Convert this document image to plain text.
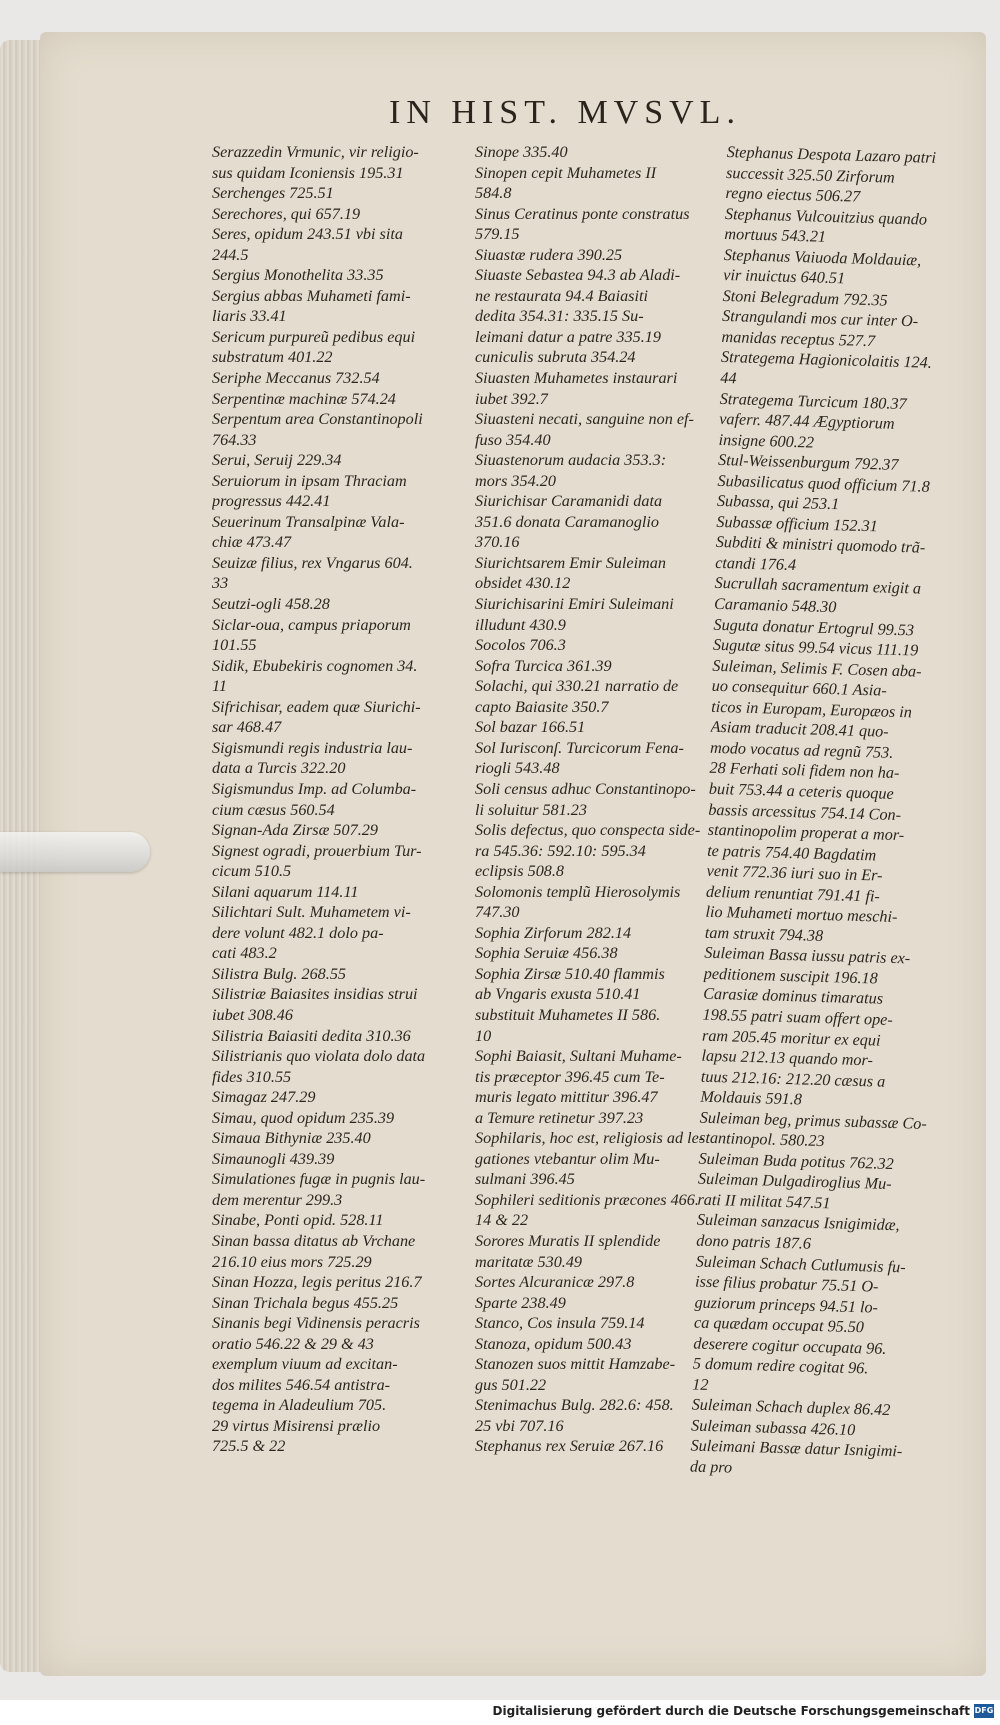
IN HIST. MVSVL.
Serazzedin Vrmunic, vir religio-
sus quidam Iconiensis 195.31
Serchenges 725.51
Serechores, qui 657.19
Seres, opidum 243.51 vbi sita
244.5
Sergius Monothelita 33.35
Sergius abbas Muhameti fami-
liaris 33.41
Sericum purpureũ pedibus equi
substratum 401.22
Seriphe Meccanus 732.54
Serpentinæ machinæ 574.24
Serpentum area Constantinopoli
764.33
Serui, Seruij 229.34
Seruiorum in ipsam Thraciam
progressus 442.41
Seuerinum Transalpinæ Vala-
chiæ 473.47
Seuizæ filius, rex Vngarus 604.
33
Seutzi-ogli 458.28
Siclar-oua, campus priaporum
101.55
Sidik, Ebubekiris cognomen 34.
11
Sifrichisar, eadem quæ Siurichi-
sar 468.47
Sigismundi regis industria lau-
data a Turcis 322.20
Sigismundus Imp. ad Columba-
cium cæsus 560.54
Signan-Ada Zirsæ 507.29
Signest ogradi, prouerbium Tur-
cicum 510.5
Silani aquarum 114.11
Silichtari Sult. Muhametem vi-
dere volunt 482.1 dolo pa-
cati 483.2
Silistra Bulg. 268.55
Silistriæ Baiasites insidias strui
iubet 308.46
Silistria Baiasiti dedita 310.36
Silistrianis quo violata dolo data
fides 310.55
Simagaz 247.29
Simau, quod opidum 235.39
Simaua Bithyniæ 235.40
Simaunogli 439.39
Simulationes fugæ in pugnis lau-
dem merentur 299.3
Sinabe, Ponti opid. 528.11
Sinan bassa ditatus ab Vrchane
216.10 eius mors 725.29
Sinan Hozza, legis peritus 216.7
Sinan Trichala begus 455.25
Sinanis begi Vidinensis peracris
oratio 546.22 & 29 & 43
exemplum viuum ad excitan-
dos milites 546.54 antistra-
tegema in Aladeulium 705.
29 virtus Misirensi prælio
725.5 & 22
Sinope 335.40
Sinopen cepit Muhametes II
584.8
Sinus Ceratinus ponte constratus
579.15
Siuastæ rudera 390.25
Siuaste Sebastea 94.3 ab Aladi-
ne restaurata 94.4 Baiasiti
dedita 354.31: 335.15 Su-
leimani datur a patre 335.19
cuniculis subruta 354.24
Siuasten Muhametes instaurari
iubet 392.7
Siuasteni necati, sanguine non ef-
fuso 354.40
Siuastenorum audacia 353.3:
mors 354.20
Siurichisar Caramanidi data
351.6 donata Caramanoglio
370.16
Siurichtsarem Emir Suleiman
obsidet 430.12
Siurichisarini Emiri Suleimani
illudunt 430.9
Socolos 706.3
Sofra Turcica 361.39
Solachi, qui 330.21 narratio de
capto Baiasite 350.7
Sol bazar 166.51
Sol Iurisconſ. Turcicorum Fena-
riogli 543.48
Soli census adhuc Constantinopo-
li soluitur 581.23
Solis defectus, quo conspecta side-
ra 545.36: 592.10: 595.34
eclipsis 508.8
Solomonis templũ Hierosolymis
747.30
Sophia Zirforum 282.14
Sophia Seruiæ 456.38
Sophia Zirsæ 510.40 flammis
ab Vngaris exusta 510.41
substituit Muhametes II 586.
10
Sophi Baiasit, Sultani Muhame-
tis præceptor 396.45 cum Te-
muris legato mittitur 396.47
a Temure retinetur 397.23
Sophilaris, hoc est, religiosis ad le-
gationes vtebantur olim Mu-
sulmani 396.45
Sophileri seditionis præcones 466.
14 & 22
Sorores Muratis II splendide
maritatæ 530.49
Sortes Alcuranicæ 297.8
Sparte 238.49
Stanco, Cos insula 759.14
Stanoza, opidum 500.43
Stanozen suos mittit Hamzabe-
gus 501.22
Stenimachus Bulg. 282.6: 458.
25 vbi 707.16
Stephanus rex Seruiæ 267.16
Stephanus Despota Lazaro patri
successit 325.50 Zirforum
regno eiectus 506.27
Stephanus Vulcouitzius quando
mortuus 543.21
Stephanus Vaiuoda Moldauiæ,
vir inuictus 640.51
Stoni Belegradum 792.35
Strangulandi mos cur inter O-
manidas receptus 527.7
Strategema Hagionicolaitis 124.
44
Strategema Turcicum 180.37
vaferr. 487.44 Ægyptiorum
insigne 600.22
Stul-Weissenburgum 792.37
Subasilicatus quod officium 71.8
Subassa, qui 253.1
Subassæ officium 152.31
Subditi & ministri quomodo trã-
ctandi 176.4
Sucrullah sacramentum exigit a
Caramanio 548.30
Suguta donatur Ertogrul 99.53
Sugutæ situs 99.54 vicus 111.19
Suleiman, Selimis F. Cosen aba-
uo consequitur 660.1 Asia-
ticos in Europam, Europæos in
Asiam traducit 208.41 quo-
modo vocatus ad regnũ 753.
28 Ferhati soli fidem non ha-
buit 753.44 a ceteris quoque
bassis arcessitus 754.14 Con-
stantinopolim properat a mor-
te patris 754.40 Bagdatim
venit 772.36 iuri suo in Er-
delium renuntiat 791.41 fi-
lio Muhameti mortuo meschi-
tam struxit 794.38
Suleiman Bassa iussu patris ex-
peditionem suscipit 196.18
Carasiæ dominus timaratus
198.55 patri suam offert ope-
ram 205.45 moritur ex equi
lapsu 212.13 quando mor-
tuus 212.16: 212.20 cæsus a
Moldauis 591.8
Suleiman beg, primus subassæ Co-
stantinopol. 580.23
Suleiman Buda potitus 762.32
Suleiman Dulgadiroglius Mu-
rati II militat 547.51
Suleiman sanzacus Isnigimidæ,
dono patris 187.6
Suleiman Schach Cutlumusis fu-
isse filius probatur 75.51 O-
guziorum princeps 94.51 lo-
ca quædam occupat 95.50
deserere cogitur occupata 96.
5 domum redire cogitat 96.
12
Suleiman Schach duplex 86.42
Suleiman subassa 426.10
Suleimani Bassæ datur Isnigimi-
da pro
Digitalisierung gefördert durch die Deutsche Forschungsgemeinschaft DFG
